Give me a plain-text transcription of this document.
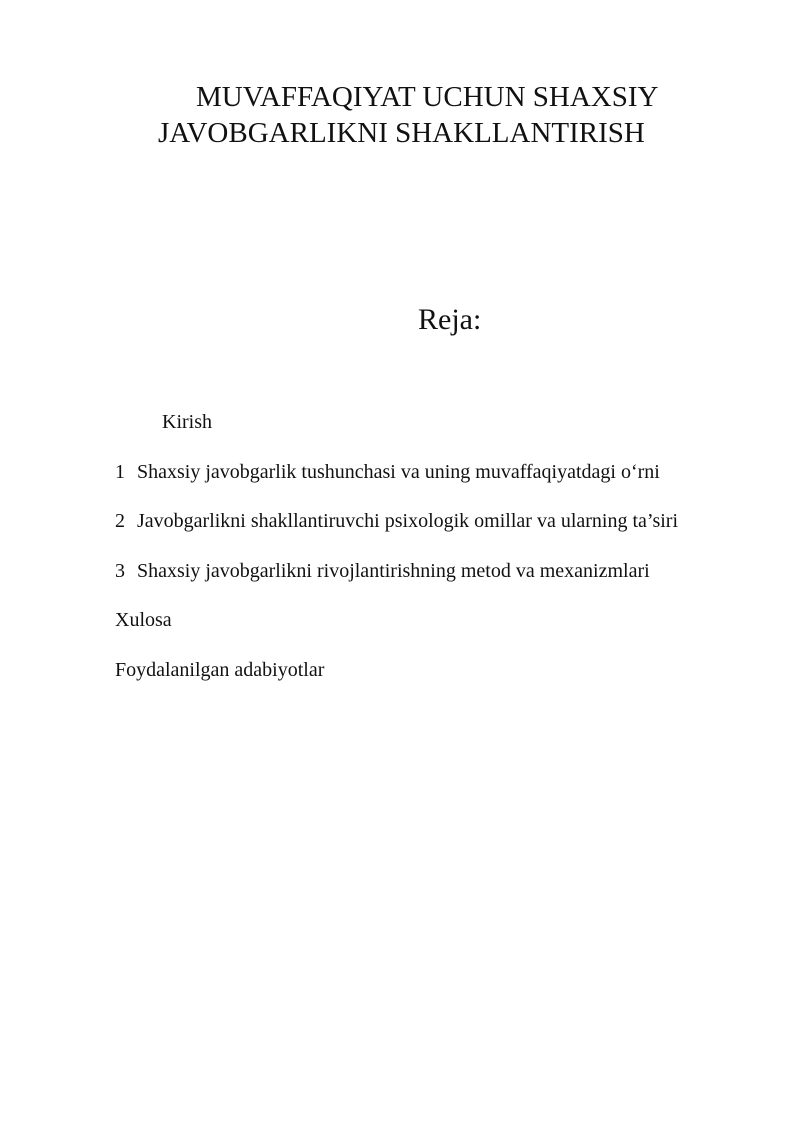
MUVAFFAQIYAT UCHUN SHAXSIY
JAVOBGARLIKNI SHAKLLANTIRISH
Reja:
Kirish
1 Shaxsiy javobgarlik tushunchasi va uning muvaffaqiyatdagi o‘rni
2 Javobgarlikni shakllantiruvchi psixologik omillar va ularning ta’siri
3 Shaxsiy javobgarlikni rivojlantirishning metod va mexanizmlari
Xulosa
Foydalanilgan adabiyotlar
